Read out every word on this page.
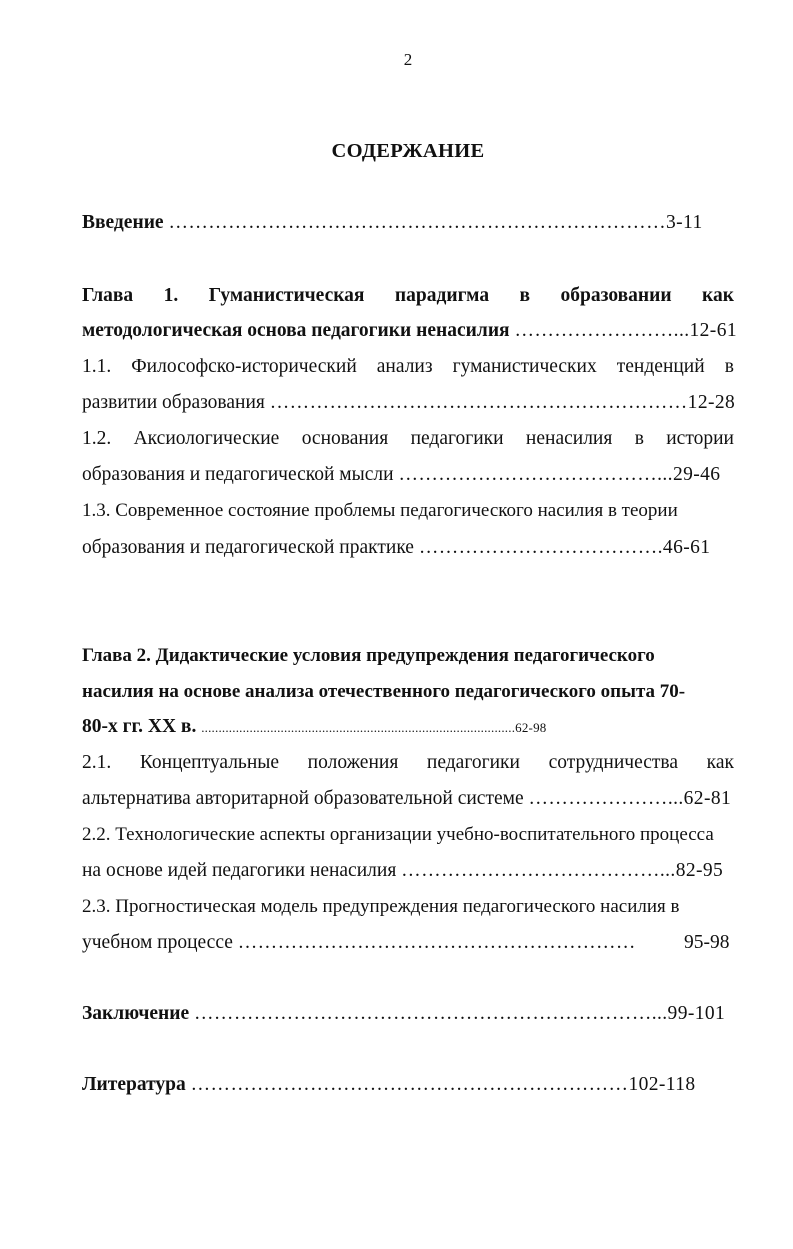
2
СОДЕРЖАНИЕ
Введение …………………………………………………………………3-11
Глава 1. Гуманистическая парадигма в образовании как
методологическая основа педагогики ненасилия ……………………...12-61
1.1. Философско-исторический анализ гуманистических тенденций в
развитии образования ………………………………………………………12-28
1.2. Аксиологические основания педагогики ненасилия в истории
образования и педагогической мысли …………………………………...29-46
1.3. Современное состояние проблемы педагогического насилия в теории
образования и педагогической практике ……………………………….46-61
Глава 2. Дидактические условия предупреждения педагогического
насилия на основе анализа отечественного педагогического опыта 70-
80-х гг. XX в. ...........................................................................................62-98
2.1. Концептуальные положения педагогики сотрудничества как
альтернатива авторитарной образовательной системе …………………...62-81
2.2. Технологические аспекты организации учебно-воспитательного процесса
на основе идей педагогики ненасилия …………………………………...82-95
2.3. Прогностическая модель предупреждения педагогического насилия в
учебном процессе …………………………………………………… 95-98
Заключение ……………………………………………………………...99-101
Литература …………………………………………………………102-118
